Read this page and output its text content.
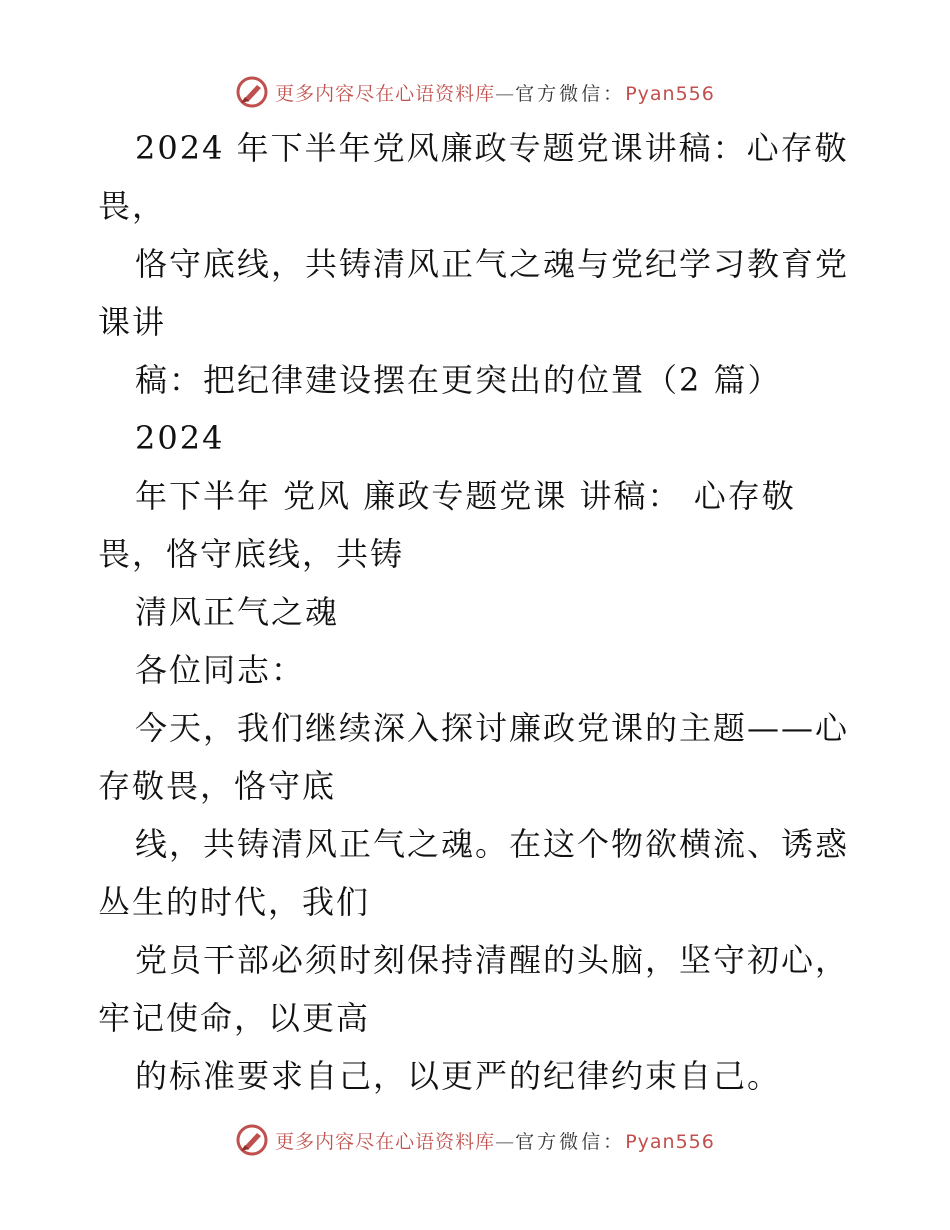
更多内容尽在心语资料库—官方微信：Pyan556
2024 年下半年党风廉政专题党课讲稿：心存敬
畏，
恪守底线，共铸清风正气之魂与党纪学习教育党
课讲
稿：把纪律建设摆在更突出的位置（2 篇）
2024
年下半年 党风 廉政专题党课 讲稿： 心存敬
畏，恪守底线，共铸
清风正气之魂
各位同志：
今天，我们继续深入探讨廉政党课的主题——心
存敬畏，恪守底
线，共铸清风正气之魂。在这个物欲横流、诱惑
丛生的时代，我们
党员干部必须时刻保持清醒的头脑，坚守初心，
牢记使命，以更高
的标准要求自己，以更严的纪律约束自己。
更多内容尽在心语资料库—官方微信：Pyan556
